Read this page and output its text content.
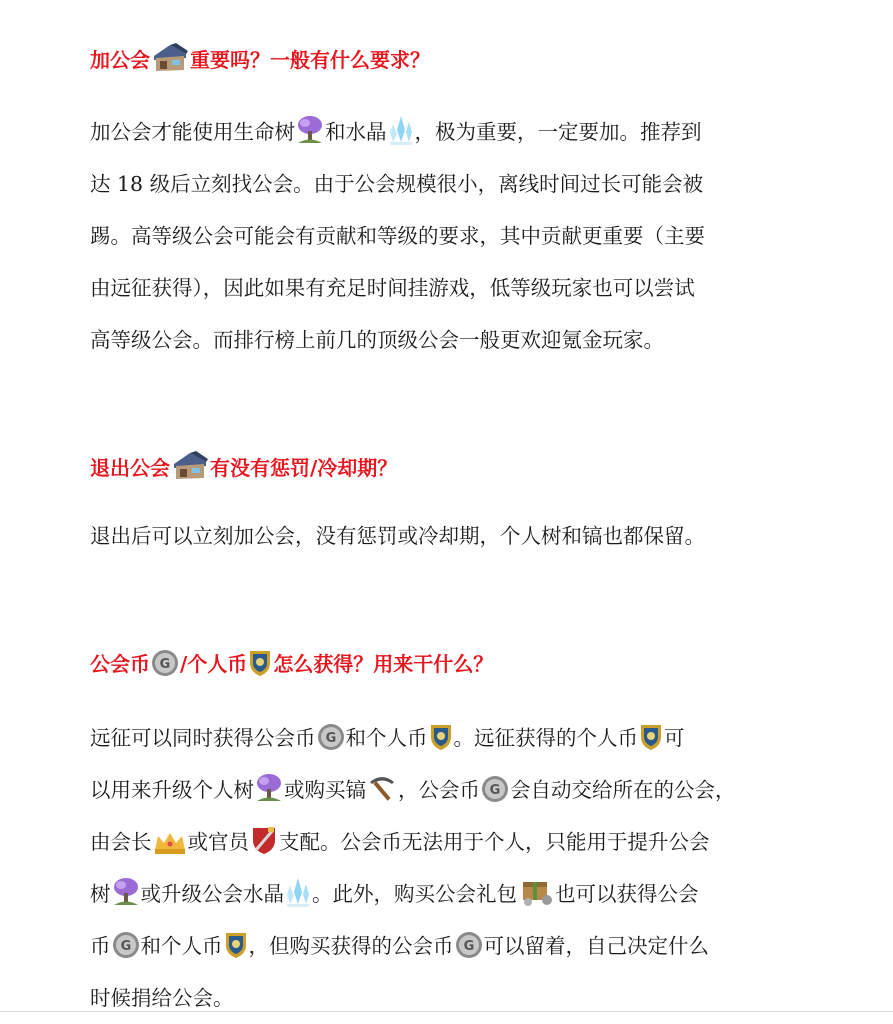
加公会 重要吗？一般有什么要求？
加公会才能使用生命树 和水晶 ，极为重要，一定要加。推荐到
达 18 级后立刻找公会。由于公会规模很小，离线时间过长可能会被
踢。高等级公会可能会有贡献和等级的要求，其中贡献更重要（主要
由远征获得），因此如果有充足时间挂游戏，低等级玩家也可以尝试
高等级公会。而排行榜上前几的顶级公会一般更欢迎氪金玩家。
退出公会 有没有惩罚/冷却期？
退出后可以立刻加公会，没有惩罚或冷却期，个人树和镐也都保留。
公会币 G /个人币 怎么获得？用来干什么？
远征可以同时获得公会币 G 和个人币 。远征获得的个人币 可
以用来升级个人树 或购买镐 ，公会币 G 会自动交给所在的公会，
由会长 或官员 支配。公会币无法用于个人，只能用于提升公会
树 或升级公会水晶 。此外，购买公会礼包 也可以获得公会
币 G 和个人币 ，但购买获得的公会币 G 可以留着，自己决定什么
时候捐给公会。
